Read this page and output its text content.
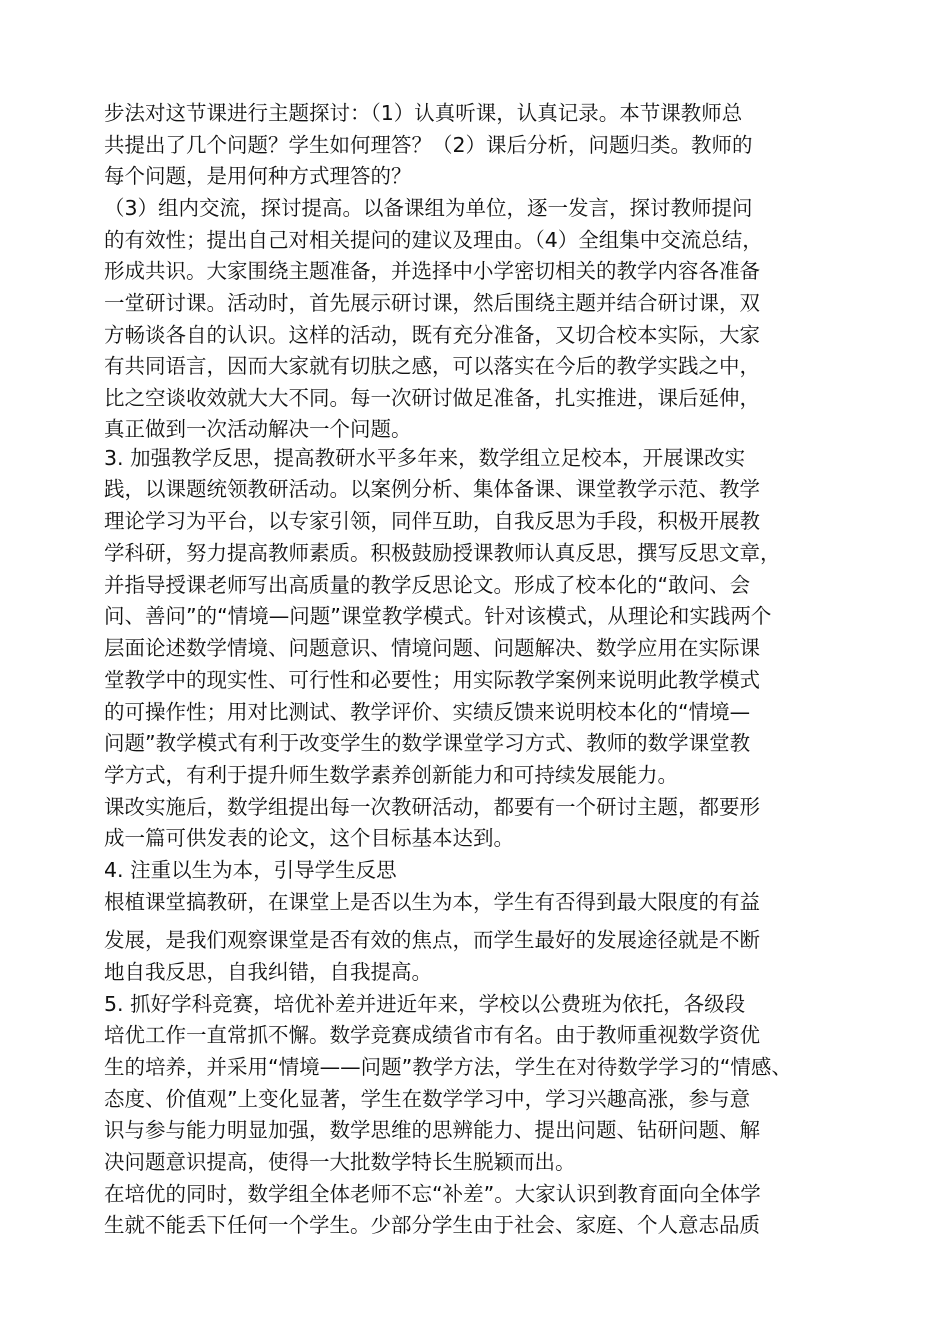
步法对这节课进行主题探讨：（1）认真听课，认真记录。本节课教师总
共提出了几个问题？学生如何理答？（2）课后分析，问题归类。教师的
每个问题，是用何种方式理答的？
（3）组内交流，探讨提高。以备课组为单位，逐一发言，探讨教师提问
的有效性；提出自己对相关提问的建议及理由。（4）全组集中交流总结，
形成共识。大家围绕主题准备，并选择中小学密切相关的教学内容各准备
一堂研讨课。活动时，首先展示研讨课，然后围绕主题并结合研讨课，双
方畅谈各自的认识。这样的活动，既有充分准备，又切合校本实际，大家
有共同语言，因而大家就有切肤之感，可以落实在今后的教学实践之中，
比之空谈收效就大大不同。每一次研讨做足准备，扎实推进，课后延伸，
真正做到一次活动解决一个问题。
3. 加强教学反思，提高教研水平多年来，数学组立足校本，开展课改实
践，以课题统领教研活动。以案例分析、集体备课、课堂教学示范、教学
理论学习为平台，以专家引领，同伴互助，自我反思为手段，积极开展教
学科研，努力提高教师素质。积极鼓励授课教师认真反思，撰写反思文章，
并指导授课老师写出高质量的教学反思论文。形成了校本化的“敢问、会
问、善问”的“情境—问题”课堂教学模式。针对该模式，从理论和实践两个
层面论述数学情境、问题意识、情境问题、问题解决、数学应用在实际课
堂教学中的现实性、可行性和必要性；用实际教学案例来说明此教学模式
的可操作性；用对比测试、教学评价、实绩反馈来说明校本化的“情境—
问题”教学模式有利于改变学生的数学课堂学习方式、教师的数学课堂教
学方式，有利于提升师生数学素养创新能力和可持续发展能力。
课改实施后，数学组提出每一次教研活动，都要有一个研讨主题，都要形
成一篇可供发表的论文，这个目标基本达到。
4. 注重以生为本，引导学生反思
根植课堂搞教研，在课堂上是否以生为本，学生有否得到最大限度的有益
发展，是我们观察课堂是否有效的焦点，而学生最好的发展途径就是不断
地自我反思，自我纠错，自我提高。
5. 抓好学科竞赛，培优补差并进近年来，学校以公费班为依托，各级段
培优工作一直常抓不懈。数学竞赛成绩省市有名。由于教师重视数学资优
生的培养，并采用“情境——问题”教学方法，学生在对待数学学习的“情感、
态度、价值观”上变化显著，学生在数学学习中，学习兴趣高涨，参与意
识与参与能力明显加强，数学思维的思辨能力、提出问题、钻研问题、解
决问题意识提高，使得一大批数学特长生脱颖而出。
在培优的同时，数学组全体老师不忘“补差”。大家认识到教育面向全体学
生就不能丢下任何一个学生。少部分学生由于社会、家庭、个人意志品质
